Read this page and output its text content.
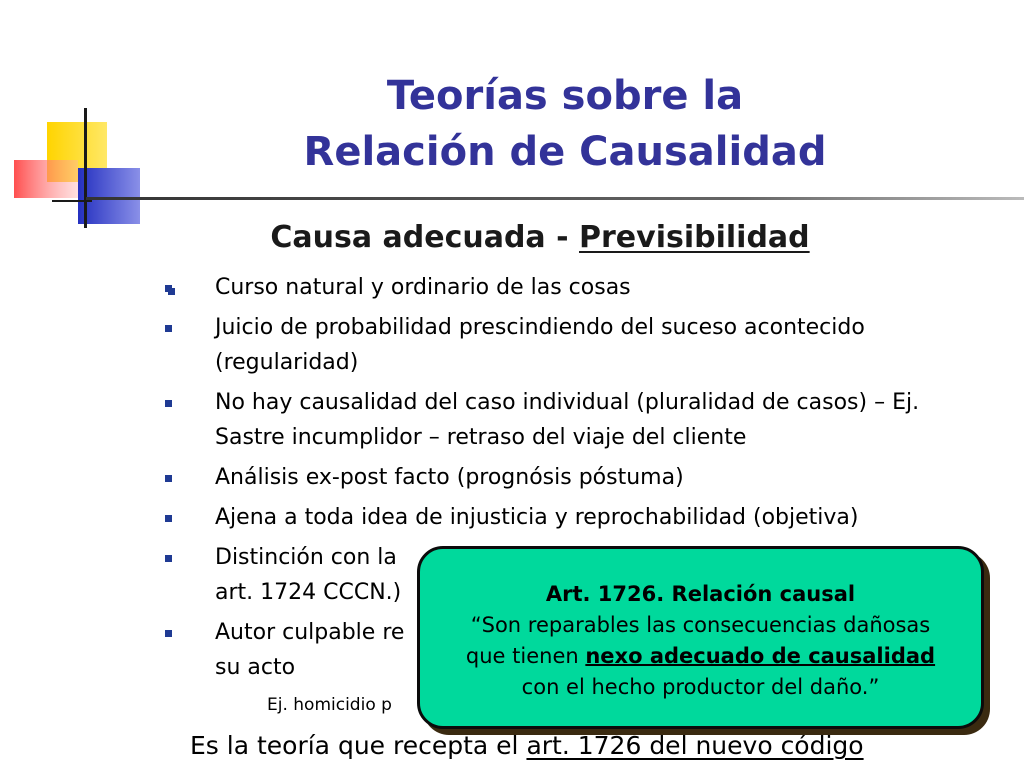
Teorías sobre la
Relación de Causalidad
Causa adecuada - Previsibilidad
Curso natural y ordinario de las cosas
Juicio de probabilidad prescindiendo del suceso acontecido (regularidad)
No hay causalidad del caso individual (pluralidad de casos) – Ej. Sastre incumplidor – retraso del viaje del cliente
Análisis ex-post facto (prognósis póstuma)
Ajena a toda idea de injusticia y reprochabilidad (objetiva)
Distinción con la
art. 1724 CCCN.)
Autor culpable re
su acto
Ej. homicidio p
Es la teoría que recepta el art. 1726 del nuevo código
Art. 1726. Relación causal
“Son reparables las consecuencias dañosas
que tienen nexo adecuado de causalidad
con el hecho productor del daño.”
